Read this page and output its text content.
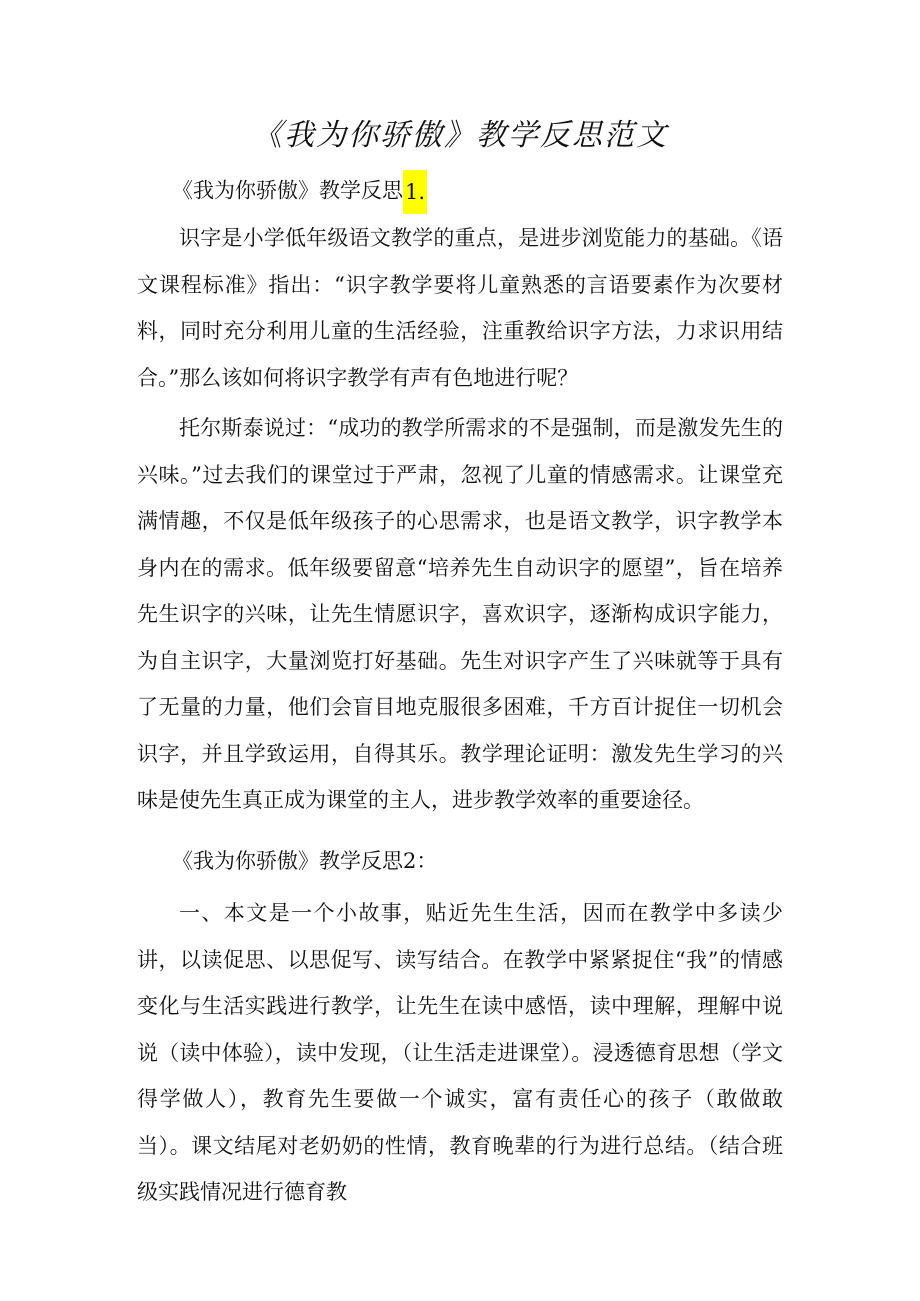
《我为你骄傲》教学反思范文
《我为你骄傲》教学反思1.

识字是小学低年级语文教学的重点，是进步浏览能力的基础。《语文课程标准》指出：“识字教学要将儿童熟悉的言语要素作为次要材料，同时充分利用儿童的生活经验，注重教给识字方法，力求识用结合。”那么该如何将识字教学有声有色地进行呢？

托尔斯泰说过：“成功的教学所需求的不是强制，而是激发先生的兴味。”过去我们的课堂过于严肃，忽视了儿童的情感需求。让课堂充满情趣，不仅是低年级孩子的心思需求，也是语文教学，识字教学本身内在的需求。低年级要留意“培养先生自动识字的愿望”，旨在培养先生识字的兴味，让先生情愿识字，喜欢识字，逐渐构成识字能力，为自主识字，大量浏览打好基础。先生对识字产生了兴味就等于具有了无量的力量，他们会盲目地克服很多困难，千方百计捉住一切机会识字，并且学致运用，自得其乐。教学理论证明：激发先生学习的兴味是使先生真正成为课堂的主人，进步教学效率的重要途径。

《我为你骄傲》教学反思2：

一、本文是一个小故事，贴近先生生活，因而在教学中多读少讲，以读促思、以思促写、读写结合。在教学中紧紧捉住“我”的情感变化与生活实践进行教学，让先生在读中感悟，读中理解，理解中说说（读中体验），读中发现，（让生活走进课堂）。浸透德育思想（学文得学做人），教育先生要做一个诚实，富有责任心的孩子（敢做敢当）。课文结尾对老奶奶的性情，教育晚辈的行为进行总结。（结合班级实践情况进行德育教
